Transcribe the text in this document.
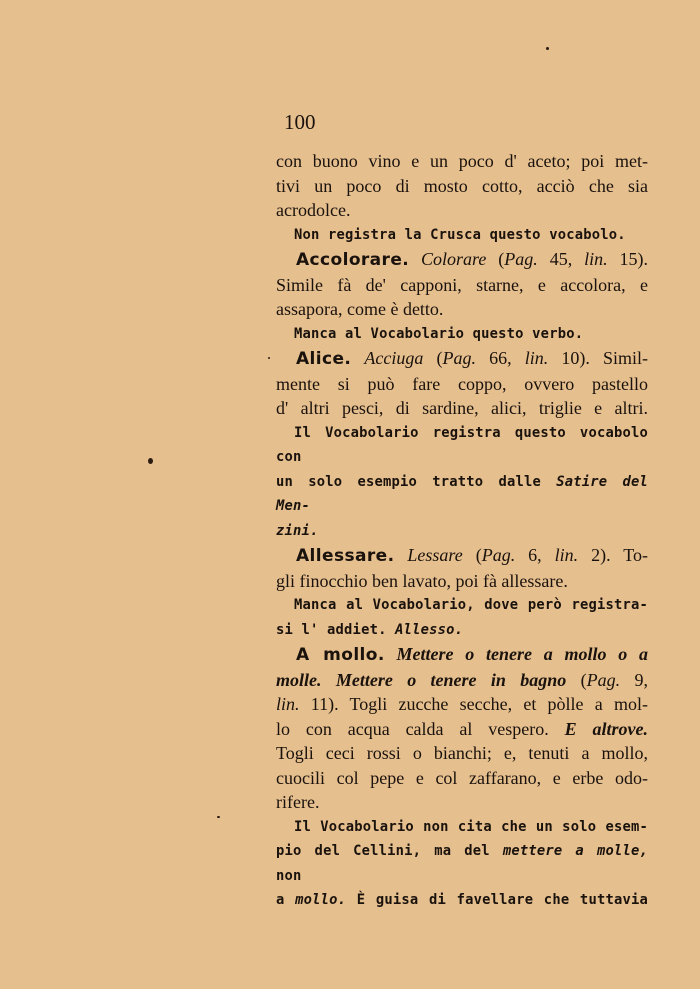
100

con buono vino e un poco d' aceto; poi met-
tivi un poco di mosto cotto, acciò che sia
acrodolce.

Non registra la Crusca questo vocabolo.

Accolorare. Colorare (Pag. 45, lin. 15).
Simile fà de' capponi, starne, e accolora, e
assapora, come è detto.

Manca al Vocabolario questo verbo.

Alice. Acciuga (Pag. 66, lin. 10). Simil-
mente si può fare coppo, ovvero pastello
d' altri pesci, di sardine, alici, triglie e altri.

Il Vocabolario registra questo vocabolo con
un solo esempio tratto dalle Satire del Men-
zini.

Allessare. Lessare (Pag. 6, lin. 2). To-
gli finocchio ben lavato, poi fà allessare.

Manca al Vocabolario, dove però registra-
si l' addiet. Allesso.

A mollo. Mettere o tenere a mollo o a
molle. Mettere o tenere in bagno (Pag. 9,
lin. 11). Togli zucche secche, et pòlle a mol-
lo con acqua calda al vespero. E altrove.
Togli ceci rossi o bianchi; e, tenuti a mollo,
cuocili col pepe e col zaffarano, e erbe odo-
rifere.

Il Vocabolario non cita che un solo esem-
pio del Cellini, ma del mettere a molle, non
a mollo. È guisa di favellare che tuttavia
